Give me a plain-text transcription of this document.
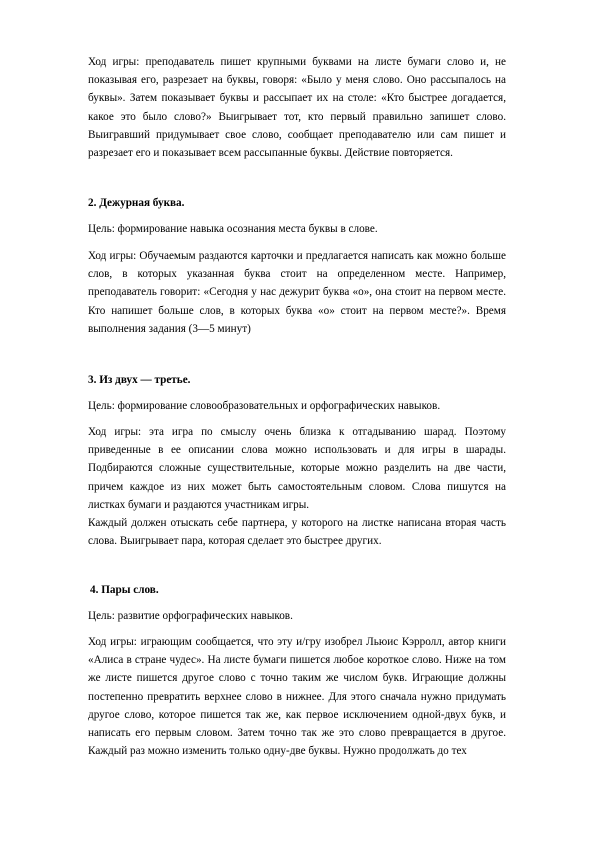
Ход игры: преподаватель пишет крупными буквами на листе бумаги слово и, не показывая его, разрезает на буквы, говоря: «Было у меня слово. Оно рассыпалось на буквы». Затем показывает буквы и рассыпает их на столе: «Кто быстрее догадается, какое это было слово?» Выигрывает тот, кто первый правильно запишет слово. Выигравший придумывает свое слово, сообщает преподавателю или сам пишет и разрезает его и показывает всем рассыпанные буквы. Действие повторяется.

2. Дежурная буква.

Цель: формирование навыка осознания места буквы в слове.

Ход игры: Обучаемым раздаются карточки и предлагается написать как можно больше слов, в которых указанная буква стоит на определенном месте. Например, преподаватель говорит: «Сегодня у нас дежурит буква «о», она стоит на первом месте. Кто напишет больше слов, в которых буква «о» стоит на первом месте?». Время выполнения задания (3—5 минут)

3. Из двух — третье.

Цель: формирование словообразовательных и орфографических навыков.

Ход игры: эта игра по смыслу очень близка к отгадыванию шарад. Поэтому приведенные в ее описании слова можно использовать и для игры в шарады. Подбираются сложные существительные, которые можно разделить на две части, причем каждое из них может быть самостоятельным словом. Слова пишутся на листках бумаги и раздаются участникам игры.

Каждый должен отыскать себе партнера, у которого на листке написана вторая часть слова. Выигрывает пара, которая сделает это быстрее других.

4. Пары слов.

Цель: развитие орфографических навыков.

Ход игры: играющим сообщается, что эту и/гру изобрел Льюис Кэрролл, автор книги «Алиса в стране чудес». На листе бумаги пишется любое короткое слово. Ниже на том же листе пишется другое слово с точно таким же числом букв. Играющие должны постепенно превратить верхнее слово в нижнее. Для этого сначала нужно придумать другое слово, которое пишется так же, как первое исключением одной-двух букв, и написать его первым словом. Затем точно так же это слово превращается в другое. Каждый раз можно изменить только одну-две буквы. Нужно продолжать до тех
